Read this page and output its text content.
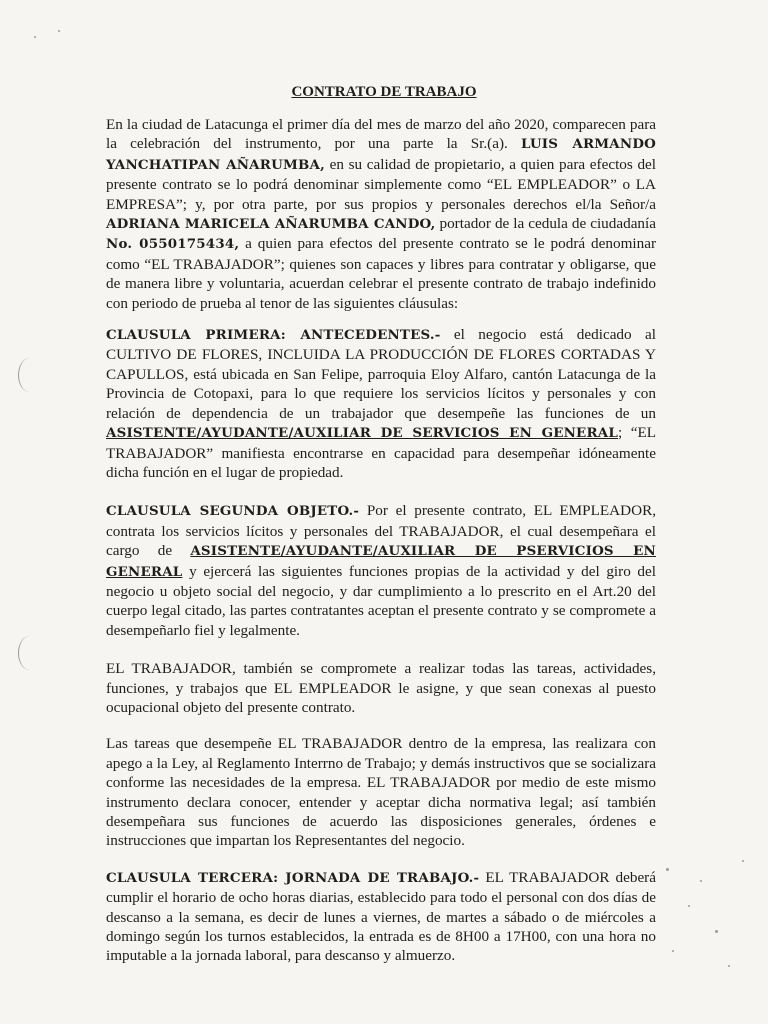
CONTRATO DE TRABAJO

En la ciudad de Latacunga el primer día del mes de marzo del año 2020, comparecen para la celebración del instrumento, por una parte la Sr.(a). LUIS ARMANDO YANCHATIPAN AÑARUMBA, en su calidad de propietario, a quien para efectos del presente contrato se lo podrá denominar simplemente como “EL EMPLEADOR” o LA EMPRESA”; y, por otra parte, por sus propios y personales derechos el/la Señor/a ADRIANA MARICELA AÑARUMBA CANDO, portador de la cedula de ciudadanía No. 0550175434, a quien para efectos del presente contrato se le podrá denominar como “EL TRABAJADOR”; quienes son capaces y libres para contratar y obligarse, que de manera libre y voluntaria, acuerdan celebrar el presente contrato de trabajo indefinido con periodo de prueba al tenor de las siguientes cláusulas:

CLAUSULA PRIMERA: ANTECEDENTES.- el negocio está dedicado al CULTIVO DE FLORES, INCLUIDA LA PRODUCCIÓN DE FLORES CORTADAS Y CAPULLOS, está ubicada en San Felipe, parroquia Eloy Alfaro, cantón Latacunga de la Provincia de Cotopaxi, para lo que requiere los servicios lícitos y personales y con relación de dependencia de un trabajador que desempeñe las funciones de un ASISTENTE/AYUDANTE/AUXILIAR DE SERVICIOS EN GENERAL; “EL TRABAJADOR” manifiesta encontrarse en capacidad para desempeñar idóneamente dicha función en el lugar de propiedad.

CLAUSULA SEGUNDA OBJETO.- Por el presente contrato, EL EMPLEADOR, contrata los servicios lícitos y personales del TRABAJADOR, el cual desempeñara el cargo de ASISTENTE/AYUDANTE/AUXILIAR DE PSERVICIOS EN GENERAL y ejercerá las siguientes funciones propias de la actividad y del giro del negocio u objeto social del negocio, y dar cumplimiento a lo prescrito en el Art.20 del cuerpo legal citado, las partes contratantes aceptan el presente contrato y se compromete a desempeñarlo fiel y legalmente.

EL TRABAJADOR, también se compromete a realizar todas las tareas, actividades, funciones, y trabajos que EL EMPLEADOR le asigne, y que sean conexas al puesto ocupacional objeto del presente contrato.

Las tareas que desempeñe EL TRABAJADOR dentro de la empresa, las realizara con apego a la Ley, al Reglamento Interrno de Trabajo; y demás instructivos que se socializara conforme las necesidades de la empresa. EL TRABAJADOR por medio de este mismo instrumento declara conocer, entender y aceptar dicha normativa legal; así también desempeñara sus funciones de acuerdo las disposiciones generales, órdenes e instrucciones que impartan los Representantes del negocio.

CLAUSULA TERCERA: JORNADA DE TRABAJO.- EL TRABAJADOR deberá cumplir el horario de ocho horas diarias, establecido para todo el personal con dos días de descanso a la semana, es decir de lunes a viernes, de martes a sábado o de miércoles a domingo según los turnos establecidos, la entrada es de 8H00 a 17H00, con una hora no imputable a la jornada laboral, para descanso y almuerzo.
